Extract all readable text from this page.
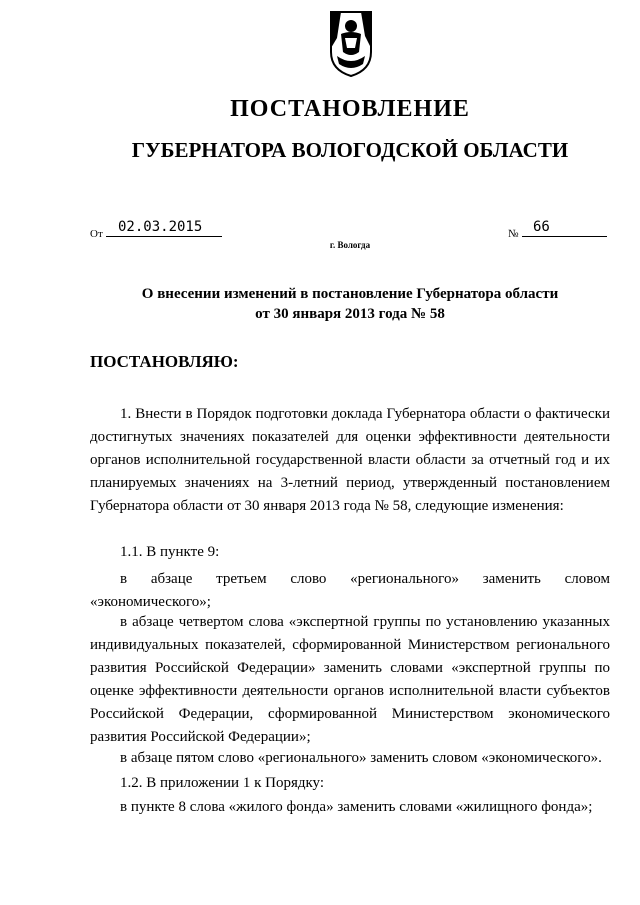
ПОСТАНОВЛЕНИЕ
ГУБЕРНАТОРА ВОЛОГОДСКОЙ ОБЛАСТИ
От 02.03.2015	№ 66
г. Вологда
О внесении изменений в постановление Губернатора области
от 30 января 2013 года № 58
ПОСТАНОВЛЯЮ:
1. Внести в Порядок подготовки доклада Губернатора области о фактически достигнутых значениях показателей для оценки эффективности деятельности органов исполнительной государственной власти области за отчетный год и их планируемых значениях на 3-летний период, утвержденный постановлением Губернатора области от 30 января 2013 года № 58, следующие изменения:
1.1. В пункте 9:
в абзаце третьем слово «регионального» заменить словом
«экономического»;
в абзаце четвертом слова «экспертной группы по установлению указанных индивидуальных показателей, сформированной Министерством регионального развития Российской Федерации» заменить словами «экспертной группы по оценке эффективности деятельности органов исполнительной власти субъектов Российской Федерации, сформированной Министерством экономического развития Российской Федерации»;
в абзаце пятом слово «регионального» заменить словом «экономического».
1.2. В приложении 1 к Порядку:
в пункте 8 слова «жилого фонда» заменить словами «жилищного фонда»;
